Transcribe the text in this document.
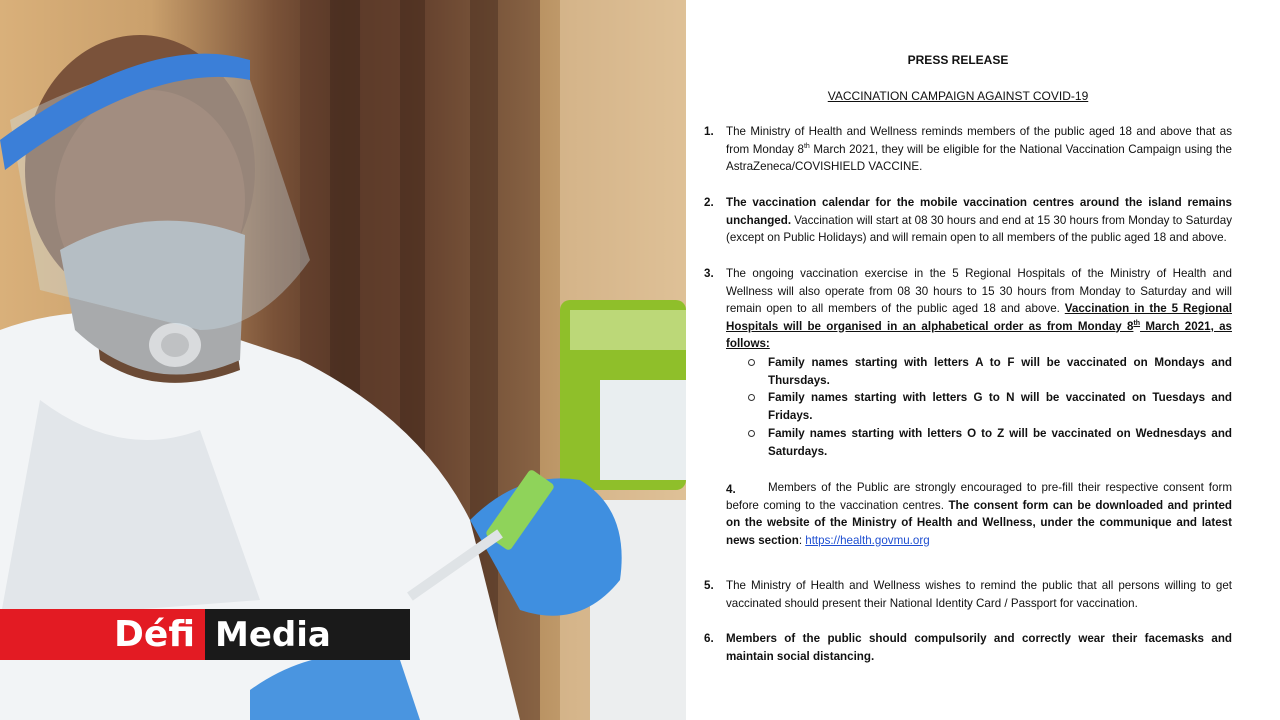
Défi Media
PRESS RELEASE
VACCINATION CAMPAIGN AGAINST COVID-19
1. The Ministry of Health and Wellness reminds members of the public aged 18 and above that as from Monday 8th March 2021, they will be eligible for the National Vaccination Campaign using the AstraZeneca/COVISHIELD VACCINE.
2. The vaccination calendar for the mobile vaccination centres around the island remains unchanged. Vaccination will start at 08 30 hours and end at 15 30 hours from Monday to Saturday (except on Public Holidays) and will remain open to all members of the public aged 18 and above.
3. The ongoing vaccination exercise in the 5 Regional Hospitals of the Ministry of Health and Wellness will also operate from 08 30 hours to 15 30 hours from Monday to Saturday and will remain open to all members of the public aged 18 and above. Vaccination in the 5 Regional Hospitals will be organised in an alphabetical order as from Monday 8th March 2021, as follows:
Family names starting with letters A to F will be vaccinated on Mondays and Thursdays.
Family names starting with letters G to N will be vaccinated on Tuesdays and Fridays.
Family names starting with letters O to Z will be vaccinated on Wednesdays and Saturdays.
4.	Members of the Public are strongly encouraged to pre-fill their respective consent form before coming to the vaccination centres. The consent form can be downloaded and printed on the website of the Ministry of Health and Wellness, under the communique and latest news section: https://health.govmu.org
5. The Ministry of Health and Wellness wishes to remind the public that all persons willing to get vaccinated should present their National Identity Card / Passport for vaccination.
6. Members of the public should compulsorily and correctly wear their facemasks and maintain social distancing.
